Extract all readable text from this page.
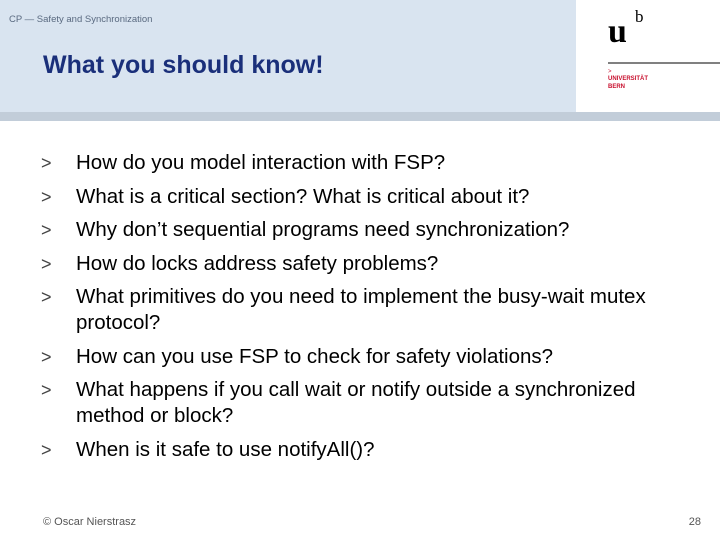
CP — Safety and Synchronization
What you should know!
u b
>
UNIVERSITÄT
BERN
> How do you model interaction with FSP?
> What is a critical section? What is critical about it?
> Why don’t sequential programs need synchronization?
> How do locks address safety problems?
> What primitives do you need to implement the busy-wait mutex protocol?
> How can you use FSP to check for safety violations?
> What happens if you call wait or notify outside a synchronized method or block?
> When is it safe to use notifyAll()?
© Oscar Nierstrasz	28
